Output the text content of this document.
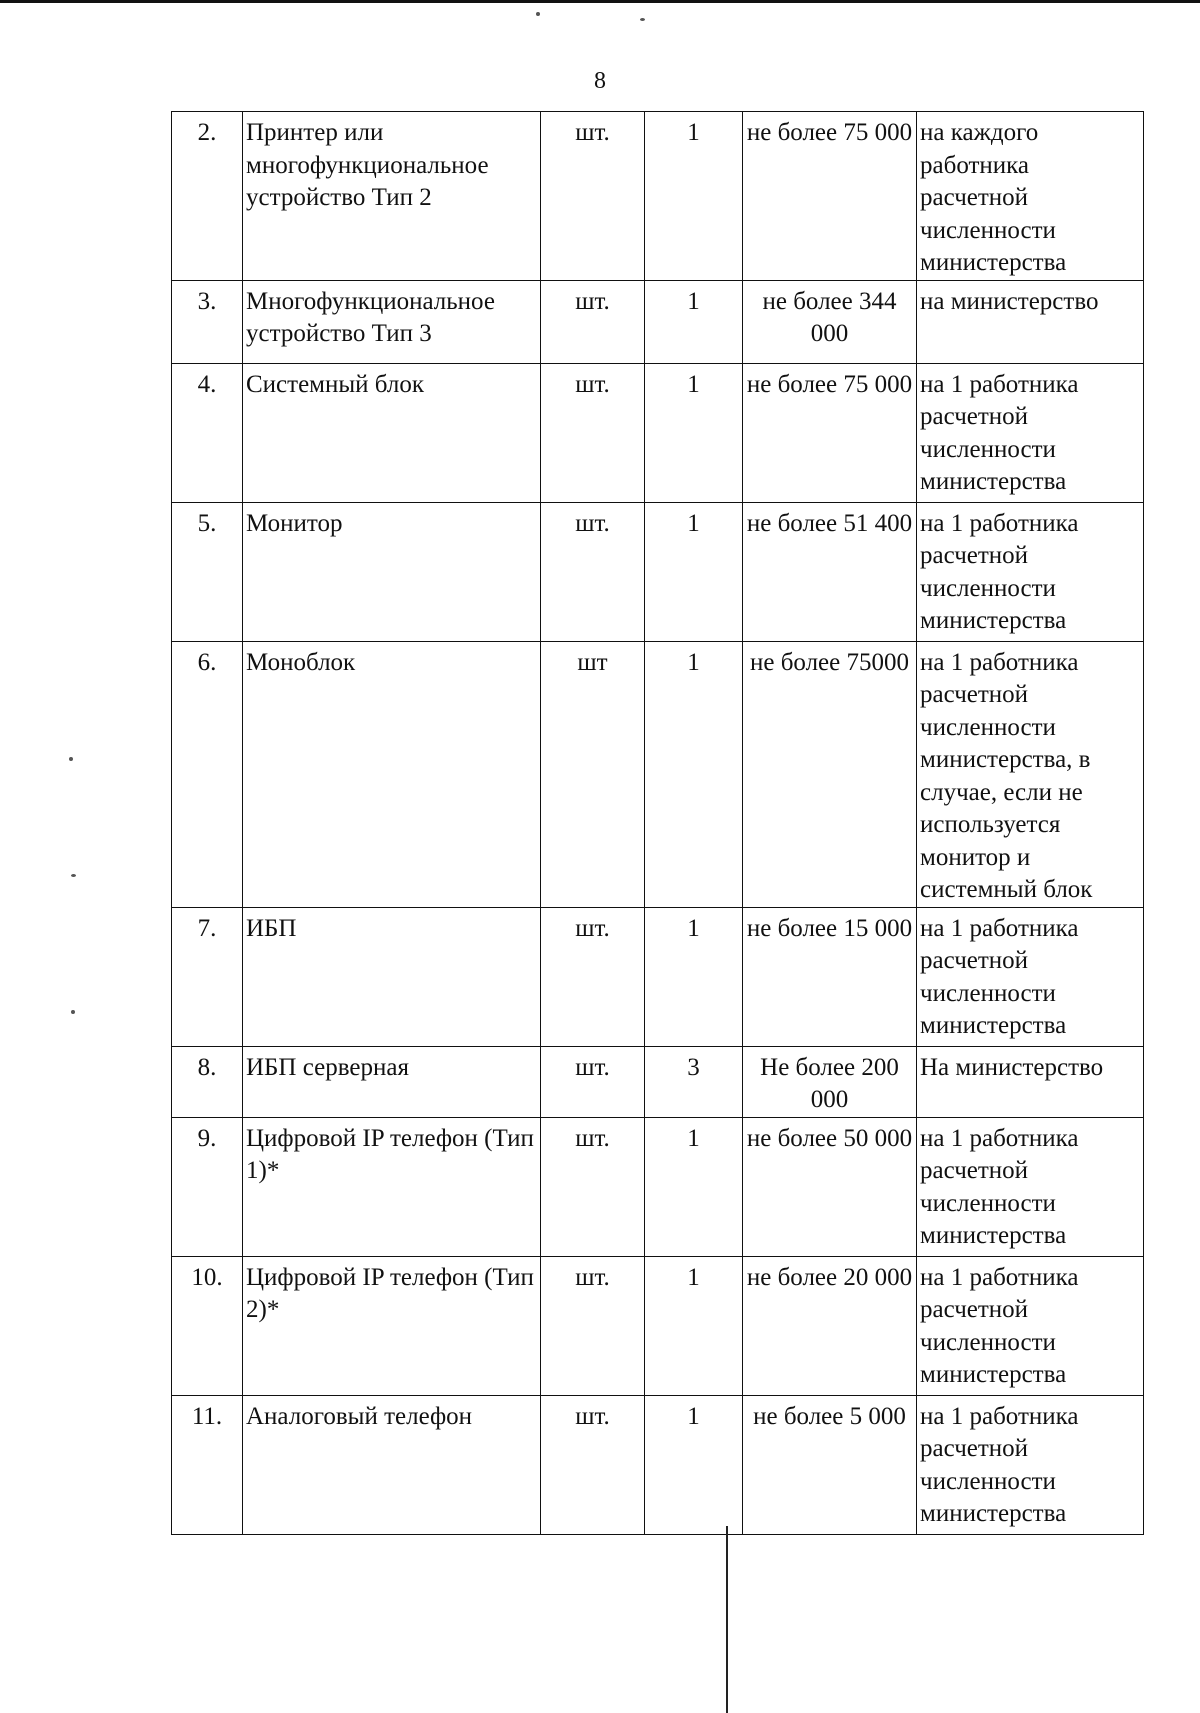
8
2.	Принтер или многофункциональное устройство Тип 2	шт.	1	не более 75 000	на каждого работника расчетной численности министерства
3.	Многофункциональное устройство Тип 3	шт.	1	не более 344 000	на министерство
4.	Системный блок	шт.	1	не более 75 000	на 1 работника расчетной численности министерства
5.	Монитор	шт.	1	не более 51 400	на 1 работника расчетной численности министерства
6.	Моноблок	шт	1	не более 75000	на 1 работника расчетной численности министерства, в случае, если не используется монитор и системный блок
7.	ИБП	шт.	1	не более 15 000	на 1 работника расчетной численности министерства
8.	ИБП серверная	шт.	3	Не более 200 000	На министерство
9.	Цифровой IP телефон (Тип 1)*	шт.	1	не более 50 000	на 1 работника расчетной численности министерства
10.	Цифровой IP телефон (Тип 2)*	шт.	1	не более 20 000	на 1 работника расчетной численности министерства
11.	Аналоговый телефон	шт.	1	не более 5 000	на 1 работника расчетной численности министерства
